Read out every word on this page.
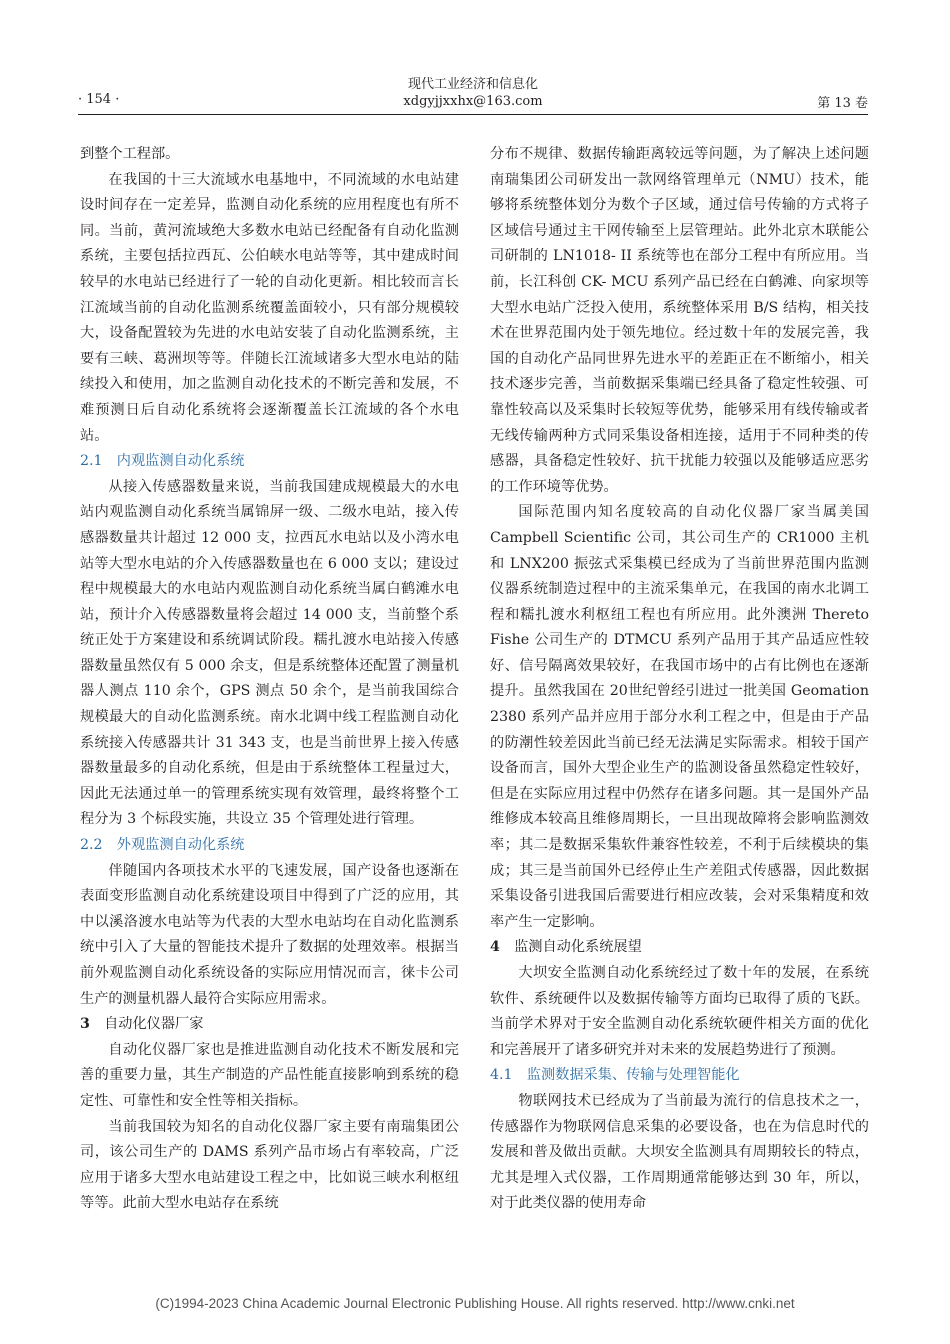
· 154 ·
现代工业经济和信息化
xdgyjjxxhx@163.com	第 13 卷
到整个工程部。
在我国的十三大流域水电基地中，不同流域的水电站建设时间存在一定差异，监测自动化系统的应用程度也有所不同。当前，黄河流域绝大多数水电站已经配备有自动化监测系统，主要包括拉西瓦、公伯峡水电站等等，其中建成时间较早的水电站已经进行了一轮的自动化更新。相比较而言长江流域当前的自动化监测系统覆盖面较小，只有部分规模较大，设备配置较为先进的水电站安装了自动化监测系统，主要有三峡、葛洲坝等等。伴随长江流域诸多大型水电站的陆续投入和使用，加之监测自动化技术的不断完善和发展，不难预测日后自动化系统将会逐渐覆盖长江流域的各个水电站。
2.1　内观监测自动化系统
从接入传感器数量来说，当前我国建成规模最大的水电站内观监测自动化系统当属锦屏一级、二级水电站，接入传感器数量共计超过 12 000 支，拉西瓦水电站以及小湾水电站等大型水电站的介入传感器数量也在 6 000 支以；建设过程中规模最大的水电站内观监测自动化系统当属白鹤滩水电站，预计介入传感器数量将会超过 14 000 支，当前整个系统正处于方案建设和系统调试阶段。糯扎渡水电站接入传感器数量虽然仅有 5 000 余支，但是系统整体还配置了测量机器人测点 110 余个，GPS 测点 50 余个，是当前我国综合规模最大的自动化监测系统。南水北调中线工程监测自动化系统接入传感器共计 31 343 支，也是当前世界上接入传感器数量最多的自动化系统，但是由于系统整体工程量过大，因此无法通过单一的管理系统实现有效管理，最终将整个工程分为 3 个标段实施，共设立 35 个管理处进行管理。
2.2　外观监测自动化系统
伴随国内各项技术水平的飞速发展，国产设备也逐渐在表面变形监测自动化系统建设项目中得到了广泛的应用，其中以溪洛渡水电站等为代表的大型水电站均在自动化监测系统中引入了大量的智能技术提升了数据的处理效率。根据当前外观监测自动化系统设备的实际应用情况而言，徕卡公司生产的测量机器人最符合实际应用需求。
3　 自动化仪器厂家
自动化仪器厂家也是推进监测自动化技术不断发展和完善的重要力量，其生产制造的产品性能直接影响到系统的稳定性、可靠性和安全性等相关指标。
当前我国较为知名的自动化仪器厂家主要有南瑞集团公司，该公司生产的 DAMS 系列产品市场占有率较高，广泛应用于诸多大型水电站建设工程之中，比如说三峡水利枢纽等等。此前大型水电站存在系统
分布不规律、数据传输距离较远等问题，为了解决上述问题南瑞集团公司研发出一款网络管理单元（NMU）技术，能够将系统整体划分为数个子区域，通过信号传输的方式将子区域信号通过主干网传输至上层管理站。此外北京木联能公司研制的 LN1018- II 系统等也在部分工程中有所应用。当前，长江科创 CK- MCU 系列产品已经在白鹤滩、向家坝等大型水电站广泛投入使用，系统整体采用 B/S 结构，相关技术在世界范围内处于领先地位。经过数十年的发展完善，我国的自动化产品同世界先进水平的差距正在不断缩小，相关技术逐步完善，当前数据采集端已经具备了稳定性较强、可靠性较高以及采集时长较短等优势，能够采用有线传输或者无线传输两种方式同采集设备相连接，适用于不同种类的传感器，具备稳定性较好、抗干扰能力较强以及能够适应恶劣的工作环境等优势。
国际范围内知名度较高的自动化仪器厂家当属美国 Campbell Scientific 公司，其公司生产的 CR1000 主机和 LNX200 振弦式采集模已经成为了当前世界范围内监测仪器系统制造过程中的主流采集单元，在我国的南水北调工程和糯扎渡水利枢纽工程也有所应用。此外澳洲 Thereto Fishe 公司生产的 DTMCU 系列产品用于其产品适应性较好、信号隔离效果较好，在我国市场中的占有比例也在逐渐提升。虽然我国在 20世纪曾经引进过一批美国 Geomation 2380 系列产品并应用于部分水利工程之中，但是由于产品的防潮性较差因此当前已经无法满足实际需求。相较于国产设备而言，国外大型企业生产的监测设备虽然稳定性较好，但是在实际应用过程中仍然存在诸多问题。其一是国外产品维修成本较高且维修周期长，一旦出现故障将会影响监测效率；其二是数据采集软件兼容性较差，不利于后续模块的集成；其三是当前国外已经停止生产差阻式传感器，因此数据采集设备引进我国后需要进行相应改装，会对采集精度和效率产生一定影响。
4　 监测自动化系统展望
大坝安全监测自动化系统经过了数十年的发展，在系统软件、系统硬件以及数据传输等方面均已取得了质的飞跃。当前学术界对于安全监测自动化系统软硬件相关方面的优化和完善展开了诸多研究并对未来的发展趋势进行了预测。
4.1　监测数据采集、传输与处理智能化
物联网技术已经成为了当前最为流行的信息技术之一，传感器作为物联网信息采集的必要设备，也在为信息时代的发展和普及做出贡献。大坝安全监测具有周期较长的特点，尤其是埋入式仪器，工作周期通常能够达到 30 年，所以，对于此类仪器的使用寿命
(C)1994-2023 China Academic Journal Electronic Publishing House. All rights reserved. http://www.cnki.net
